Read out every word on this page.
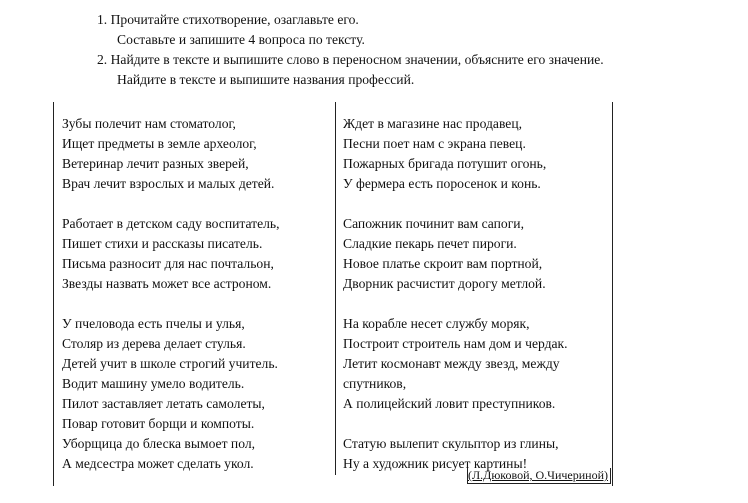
1. Прочитайте стихотворение, озаглавьте его.
Составьте и запишите 4 вопроса по тексту.
2. Найдите в тексте и выпишите слово в переносном значении, объясните его значение.
Найдите в тексте и выпишите названия профессий.
Зубы полечит нам стоматолог,
Ищет предметы в земле археолог,
Ветеринар лечит разных зверей,
Врач лечит взрослых и малых детей.
Работает в детском саду воспитатель,
Пишет стихи и рассказы писатель.
Письма разносит для нас почтальон,
Звезды назвать может все астроном.
У пчеловода есть пчелы и улья,
Столяр из дерева делает стулья.
Детей учит в школе строгий учитель.
Водит машину умело водитель.
Пилот заставляет летать самолеты,
Повар готовит борщи и компоты.
Уборщица до блеска вымоет пол,
А медсестра может сделать укол.
Ждет в магазине нас продавец,
Песни поет нам с экрана певец.
Пожарных бригада потушит огонь,
У фермера есть поросенок и конь.
Сапожник починит вам сапоги,
Сладкие пекарь печет пироги.
Новое платье скроит вам портной,
Дворник расчистит дорогу метлой.
На корабле несет службу моряк,
Построит строитель нам дом и чердак.
Летит космонавт между звезд, между
спутников,
А полицейский ловит преступников.
Статую вылепит скульптор из глины,
Ну а художник рисует картины!
(Л.Дюковой, О.Чичериной)
